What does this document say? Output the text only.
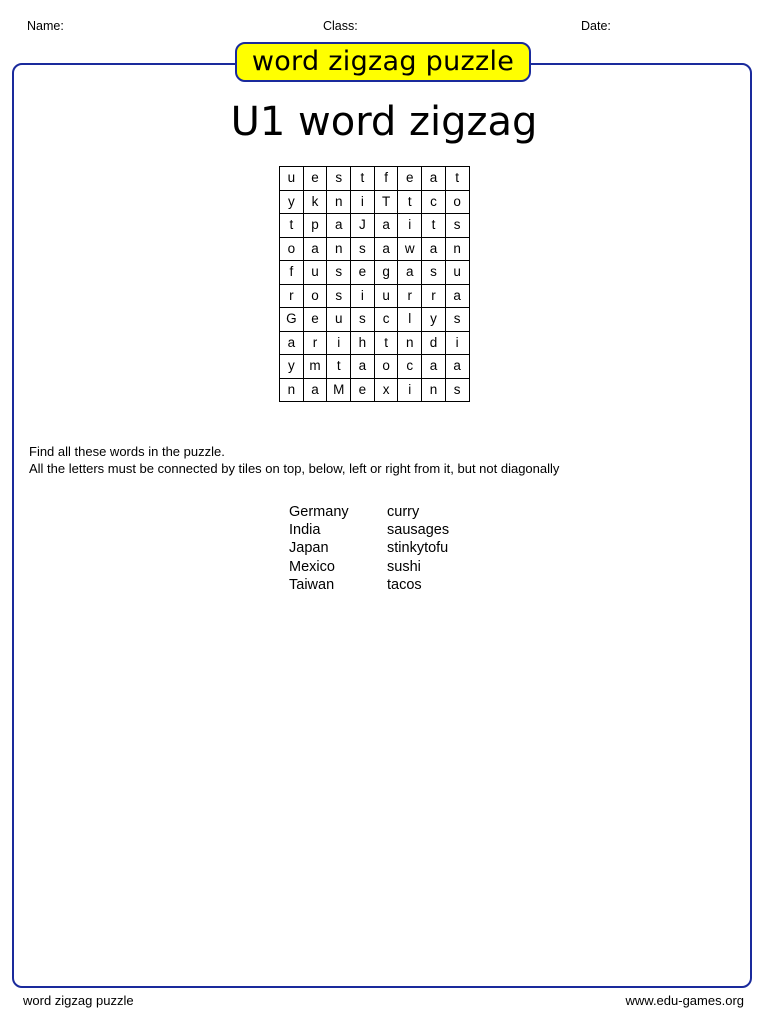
Name:	Class:	Date:
word zigzag puzzle
U1 word zigzag
u	e	s	t	f	e	a	t
y	k	n	i	T	t	c	o
t	p	a	J	a	i	t	s
o	a	n	s	a	w	a	n
f	u	s	e	g	a	s	u
r	o	s	i	u	r	r	a
G	e	u	s	c	l	y	s
a	r	i	h	t	n	d	i
y	m	t	a	o	c	a	a
n	a	M	e	x	i	n	s
Find all these words in the puzzle.
All the letters must be connected by tiles on top, below, left or right from it, but not diagonally
Germany
India
Japan
Mexico
Taiwan
curry
sausages
stinkytofu
sushi
tacos
word zigzag puzzle	www.edu-games.org
